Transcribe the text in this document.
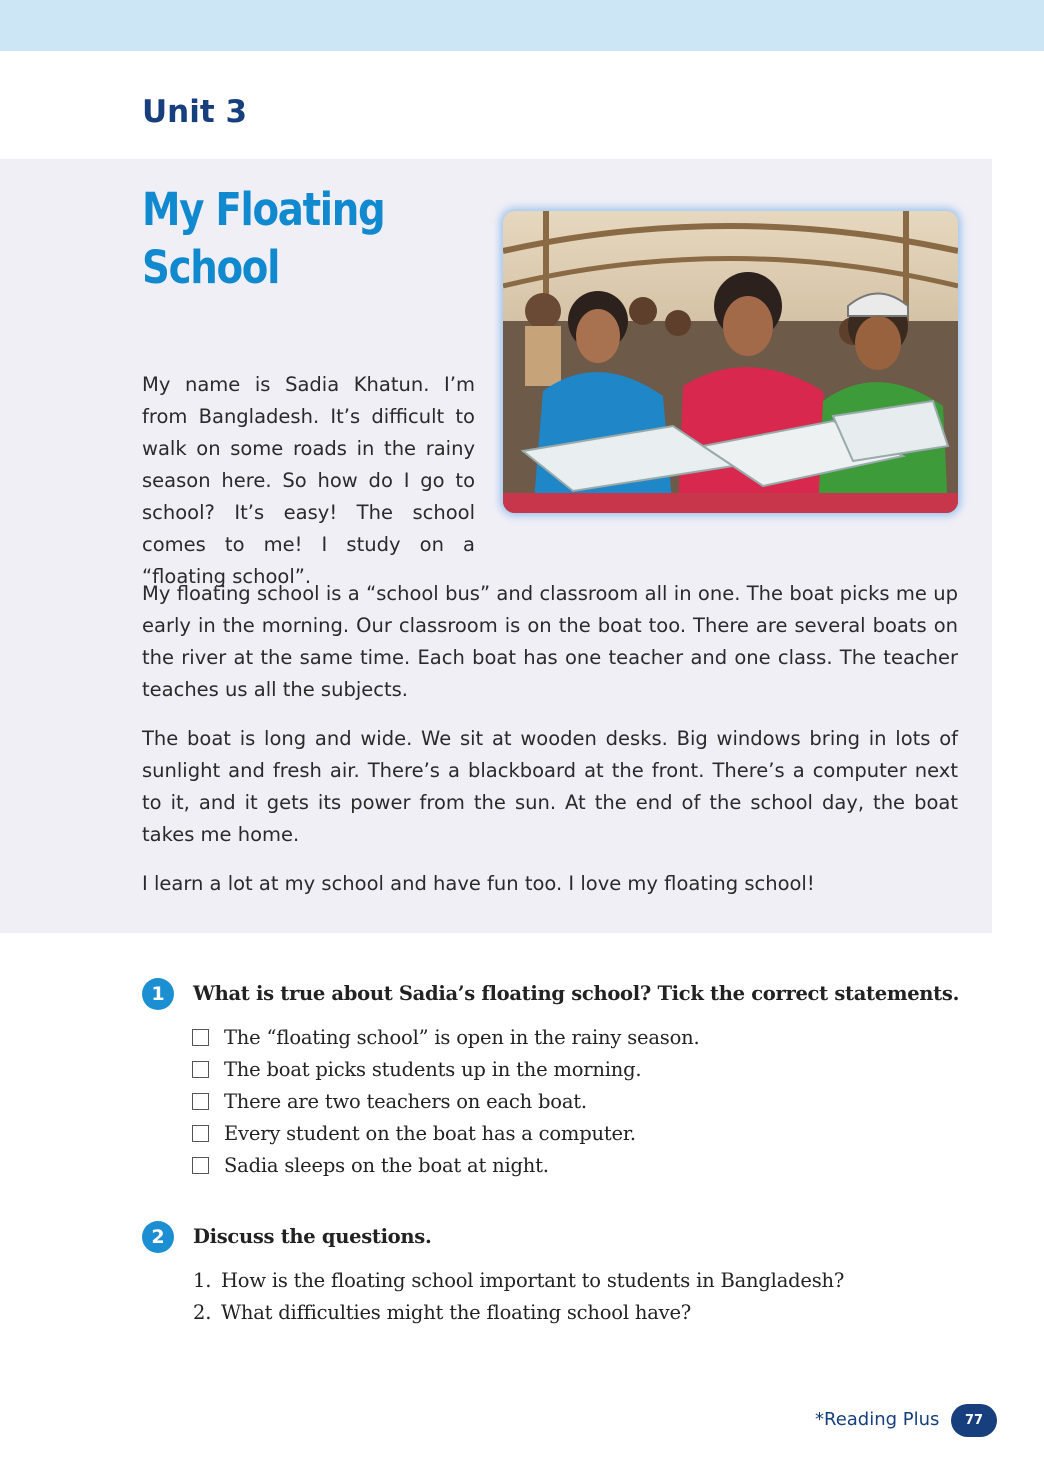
Unit 3
My Floating School

My name is Sadia Khatun. I’m from Bangladesh. It’s difficult to walk on some roads in the rainy season here. So how do I go to school? It’s easy! The school comes to me! I study on a “floating school”.

My floating school is a “school bus” and classroom all in one. The boat picks me up early in the morning. Our classroom is on the boat too. There are several boats on the river at the same time. Each boat has one teacher and one class. The teacher teaches us all the subjects.

The boat is long and wide. We sit at wooden desks. Big windows bring in lots of sunlight and fresh air. There’s a blackboard at the front. There’s a computer next to it, and it gets its power from the sun. At the end of the school day, the boat takes me home.

I learn a lot at my school and have fun too. I love my floating school!

1	What is true about Sadia’s floating school? Tick the correct statements.
The “floating school” is open in the rainy season.
The boat picks students up in the morning.
There are two teachers on each boat.
Every student on the boat has a computer.
Sadia sleeps on the boat at night.
2	Discuss the questions.
1. How is the floating school important to students in Bangladesh?
2. What difficulties might the floating school have?

*Reading Plus	77
